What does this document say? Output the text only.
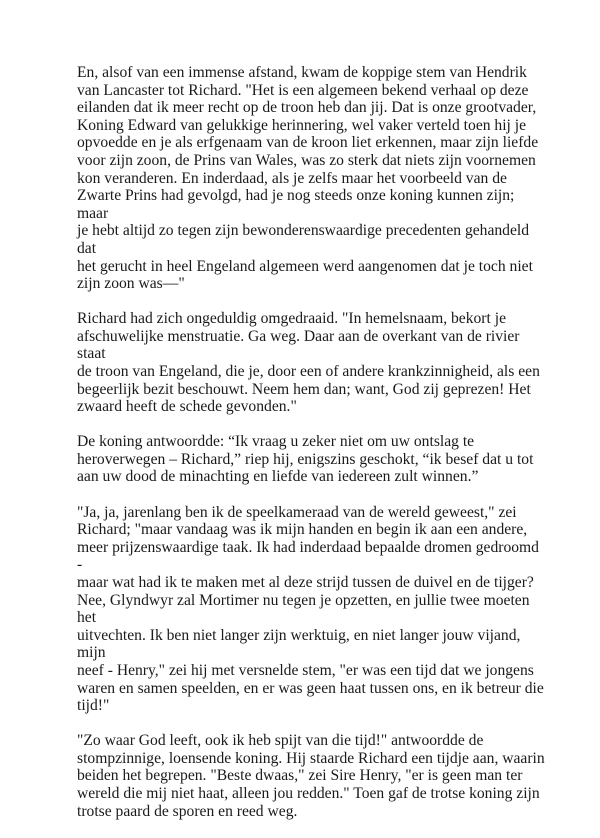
En, alsof van een immense afstand, kwam de koppige stem van Hendrik
van Lancaster tot Richard. "Het is een algemeen bekend verhaal op deze
eilanden dat ik meer recht op de troon heb dan jij. Dat is onze grootvader,
Koning Edward van gelukkige herinnering, wel vaker verteld toen hij je
opvoedde en je als erfgenaam van de kroon liet erkennen, maar zijn liefde
voor zijn zoon, de Prins van Wales, was zo sterk dat niets zijn voornemen
kon veranderen. En inderdaad, als je zelfs maar het voorbeeld van de
Zwarte Prins had gevolgd, had je nog steeds onze koning kunnen zijn; maar
je hebt altijd zo tegen zijn bewonderenswaardige precedenten gehandeld dat
het gerucht in heel Engeland algemeen werd aangenomen dat je toch niet
zijn zoon was—"

Richard had zich ongeduldig omgedraaid. "In hemelsnaam, bekort je
afschuwelijke menstruatie. Ga weg. Daar aan de overkant van de rivier staat
de troon van Engeland, die je, door een of andere krankzinnigheid, als een
begeerlijk bezit beschouwt. Neem hem dan; want, God zij geprezen! Het
zwaard heeft de schede gevonden."

De koning antwoordde: “Ik vraag u zeker niet om uw ontslag te
heroverwegen – Richard,” riep hij, enigszins geschokt, “ik besef dat u tot
aan uw dood de minachting en liefde van iedereen zult winnen.”

"Ja, ja, jarenlang ben ik de speelkameraad van de wereld geweest," zei
Richard; "maar vandaag was ik mijn handen en begin ik aan een andere,
meer prijzenswaardige taak. Ik had inderdaad bepaalde dromen gedroomd -
maar wat had ik te maken met al deze strijd tussen de duivel en de tijger?
Nee, Glyndwyr zal Mortimer nu tegen je opzetten, en jullie twee moeten het
uitvechten. Ik ben niet langer zijn werktuig, en niet langer jouw vijand, mijn
neef - Henry," zei hij met versnelde stem, "er was een tijd dat we jongens
waren en samen speelden, en er was geen haat tussen ons, en ik betreur die
tijd!"

"Zo waar God leeft, ook ik heb spijt van die tijd!" antwoordde de
stompzinnige, loensende koning. Hij staarde Richard een tijdje aan, waarin
beiden het begrepen. "Beste dwaas," zei Sire Henry, "er is geen man ter
wereld die mij niet haat, alleen jou redden." Toen gaf de trotse koning zijn
trotse paard de sporen en reed weg.
